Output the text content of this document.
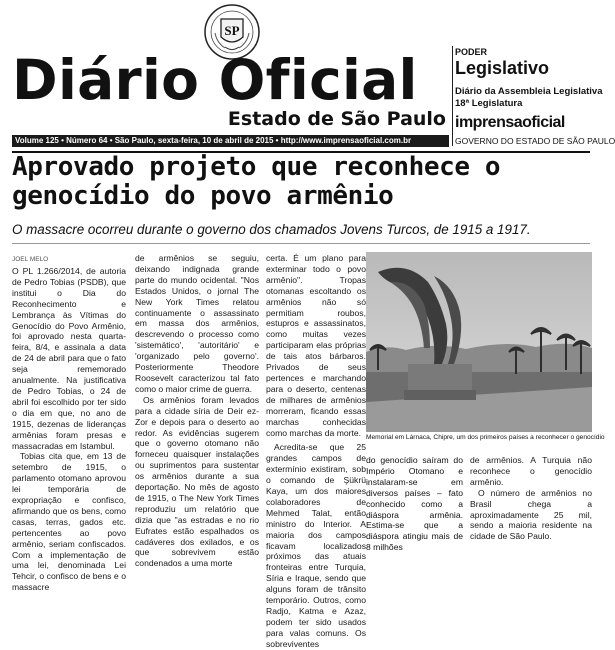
SP
Diário Oficial
Estado de São Paulo
PODER
Legislativo
Diário da Assembleia Legislativa
18ª Legislatura
imprensaoficial
GOVERNO DO ESTADO DE SÃO PAULO
Volume 125 • Número 64 • São Paulo, sexta-feira, 10 de abril de 2015 • http://www.imprensaoficial.com.br
Aprovado projeto que reconhece o
genocídio do povo armênio
O massacre ocorreu durante o governo dos chamados Jovens Turcos, de 1915 a 1917.
JOEL MELO

O PL 1.266/2014, de autoria de Pedro Tobias (PSDB), que institui o Dia do Reconhecimento e Lembrança às Vítimas do Genocídio do Povo Armênio, foi aprovado nesta quarta-feira, 8/4, e assinala a data de 24 de abril para que o fato seja rememorado anualmente. Na justificativa de Pedro Tobias, o 24 de abril foi escolhido por ter sido o dia em que, no ano de 1915, dezenas de lideranças armênias foram presas e massacradas em Istambul.

Tobias cita que, em 13 de setembro de 1915, o parlamento otomano aprovou lei temporária de expropriação e confisco, afirmando que os bens, como casas, terras, gados etc. pertencentes ao povo armênio, seriam confiscados. Com a implementação de uma lei, denominada Lei Tehcir, o confisco de bens e o massacre

de armênios se seguiu, deixando indignada grande parte do mundo ocidental. "Nos Estados Unidos, o jornal The New York Times relatou continuamente o assassinato em massa dos armênios, descrevendo o processo como 'sistemático', 'autoritário' e 'organizado pelo governo'. Posteriormente Theodore Roosevelt caracterizou tal fato como o maior crime de guerra.

Os armênios foram levados para a cidade síria de Deir ez-Zor e depois para o deserto ao redor. As evidências sugerem que o governo otomano não forneceu quaisquer instalações ou suprimentos para sustentar os armênios durante a sua deportação. No mês de agosto de 1915, o The New York Times reproduziu um relatório que dizia que "as estradas e no rio Eufrates estão espalhados os cadáveres dos exilados, e os que sobrevivem estão condenados a uma morte

certa. É um plano para exterminar todo o povo armênio". Tropas otomanas escoltando os armênios não só permitiam roubos, estupros e assassinatos, como muitas vezes participaram elas próprias de tais atos bárbaros. Privados de seus pertences e marchando para o deserto, centenas de milhares de armênios morreram, ficando essas marchas conhecidas como marchas da morte.

Acredita-se que 25 grandes campos de extermínio existiram, sob o comando de Şükrü Kaya, um dos maiores colaboradores de Mehmed Talat, então ministro do Interior. A maioria dos campos ficavam localizados próximos das atuais fronteiras entre Turquia, Síria e Iraque, sendo que alguns foram de trânsito temporário. Outros, como Radjo, Katma e Azaz, podem ter sido usados para valas comuns. Os sobreviventes

Memorial em Lárnaca, Chipre, um dos primeiros países a reconhecer o genocídio

do genocídio saíram do Império Otomano e instalaram-se em diversos países – fato conhecido como a diáspora armênia. Estima-se que a diáspora atingiu mais de 8 milhões

de armênios. A Turquia não reconhece o genocídio armênio.

O número de armênios no Brasil chega a aproximadamente 25 mil, sendo a maioria residente na cidade de São Paulo.
